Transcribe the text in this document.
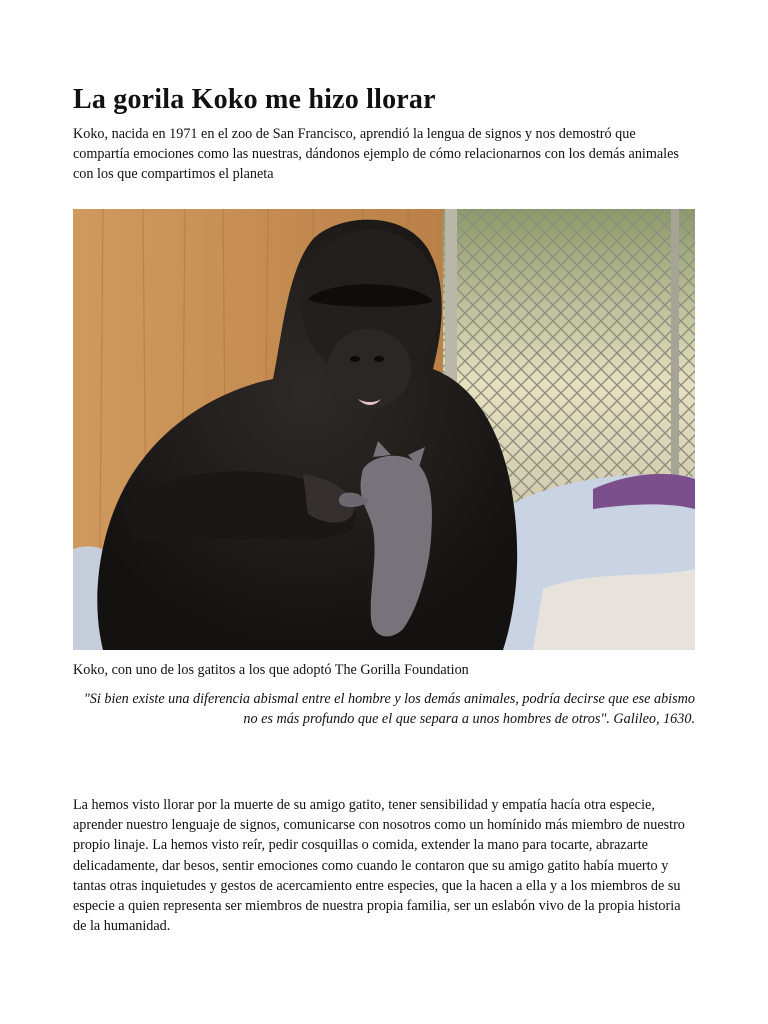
La gorila Koko me hizo llorar

Koko, nacida en 1971 en el zoo de San Francisco, aprendió la lengua de signos y nos demostró que compartía emociones como las nuestras, dándonos ejemplo de cómo relacionarnos con los demás animales con los que compartimos el planeta

Koko, con uno de los gatitos a los que adoptó The Gorilla Foundation

"Si bien existe una diferencia abismal entre el hombre y los demás animales, podría decirse que ese abismo no es más profundo que el que separa a unos hombres de otros". Galileo, 1630.

La hemos visto llorar por la muerte de su amigo gatito, tener sensibilidad y empatía hacía otra especie, aprender nuestro lenguaje de signos, comunicarse con nosotros como un homínido más miembro de nuestro propio linaje. La hemos visto reír, pedir cosquillas o comida, extender la mano para tocarte, abrazarte delicadamente, dar besos, sentir emociones como cuando le contaron que su amigo gatito había muerto y tantas otras inquietudes y gestos de acercamiento entre especies, que la hacen a ella y a los miembros de su especie a quien representa ser miembros de nuestra propia familia, ser un eslabón vivo de la propia historia de la humanidad.
